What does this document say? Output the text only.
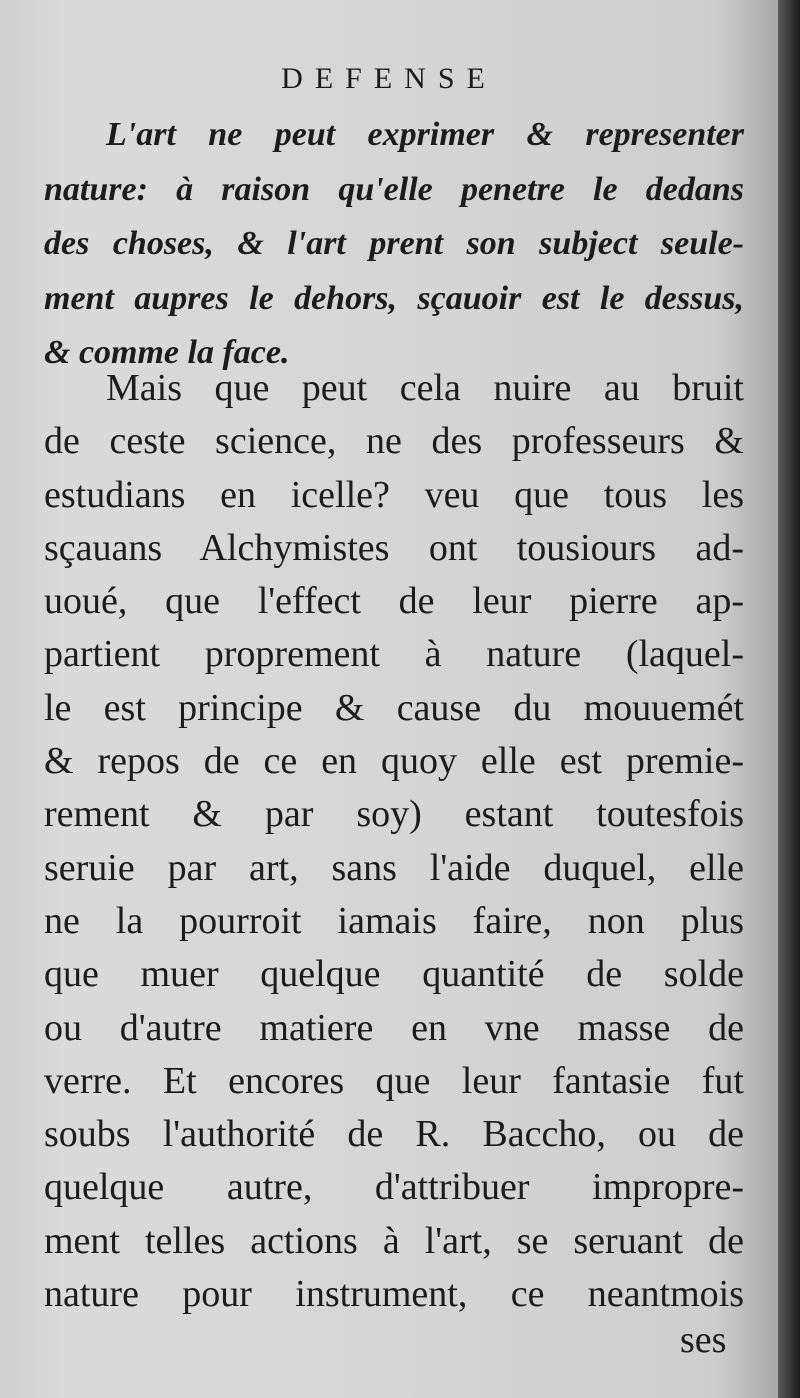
DEFENSE
L'art ne peut exprimer & representer
nature: à raison qu'elle penetre le dedans
des choses, & l'art prent son subject seule-
ment aupres le dehors, sçauoir est le dessus,
& comme la face.
Mais que peut cela nuire au bruit
de ceste science, ne des professeurs &
estudians en icelle? veu que tous les
sçauans Alchymistes ont tousiours ad-
uoué, que l'effect de leur pierre ap-
partient proprement à nature (laquel-
le est principe & cause du mouuemét
& repos de ce en quoy elle est premie-
rement & par soy) estant toutesfois
seruie par art, sans l'aide duquel, elle
ne la pourroit iamais faire, non plus
que muer quelque quantité de solde
ou d'autre matiere en vne masse de
verre. Et encores que leur fantasie fut
soubs l'authorité de R. Baccho, ou de
quelque autre, d'attribuer impropre-
ment telles actions à l'art, se seruant de
nature pour instrument, ce neantmois
ses
